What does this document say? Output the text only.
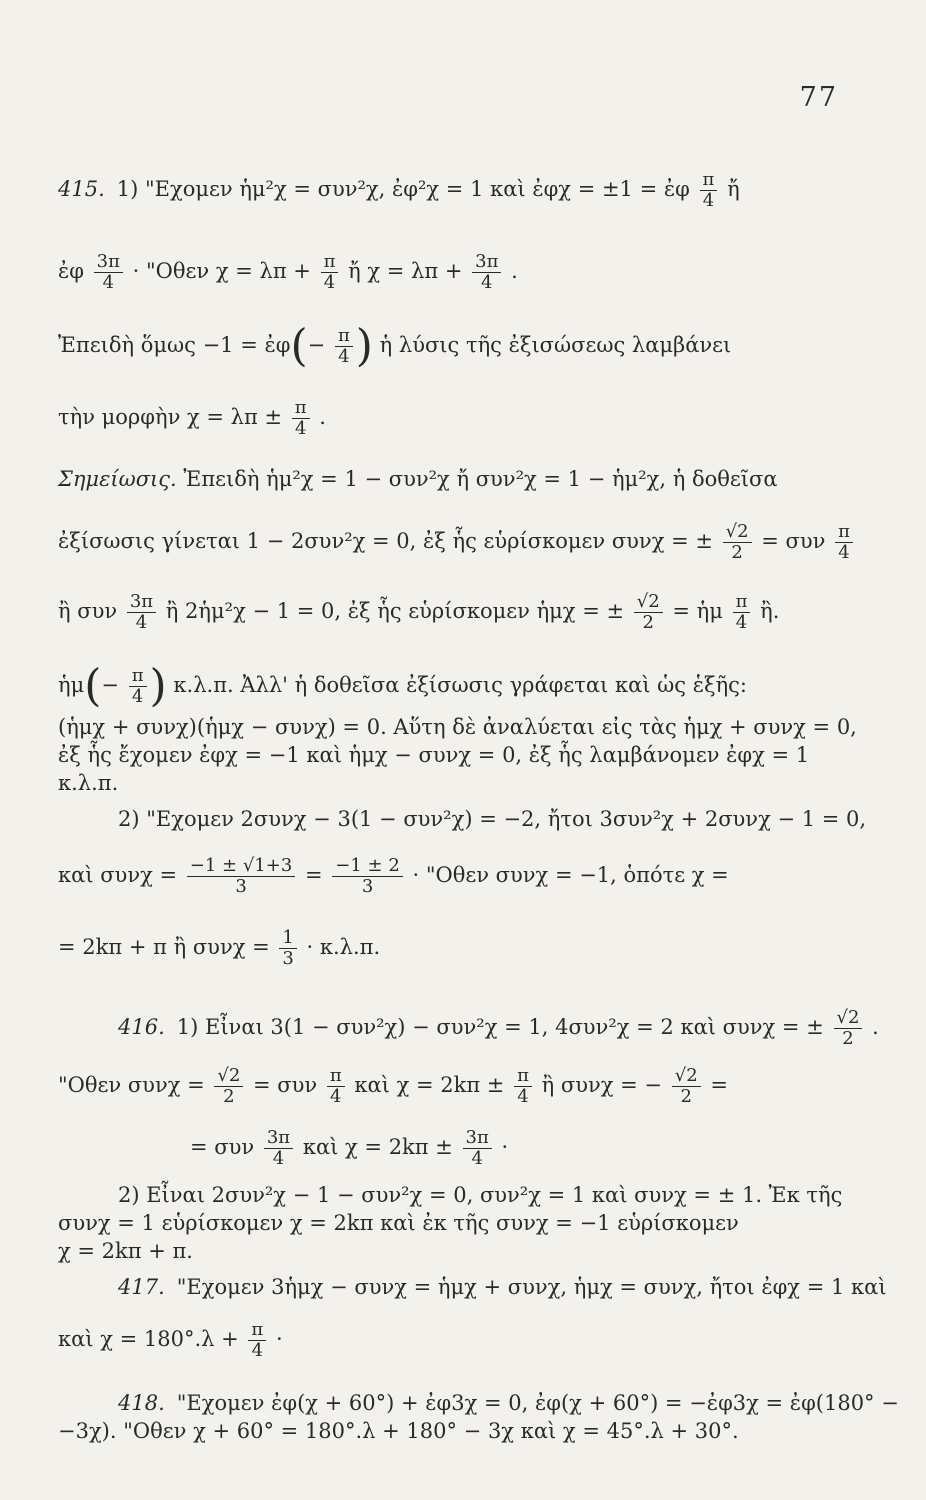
77
415. 1) "Εχομεν ἡμ²χ = συν²χ, ἐφ²χ = 1 καὶ ἐφχ = ±1 = ἐφ $\frac{\pi}{4}$ ἤ
ἐφ $\frac{3\pi}{4}$ · "Οθεν $\chi = \lambda\pi + \frac{\pi}{4}$ ἤ $\chi = \lambda\pi + \frac{3\pi}{4}$ .
Ἐπειδὴ ὅμως −1 = ἐφ(− $\frac{\pi}{4}$ ) ἡ λύσις τῆς ἐξισώσεως λαμβάνει
τὴν μορφὴν $\chi = \lambda\pi \pm \frac{\pi}{4}$ .
Σημείωσις. Ἐπειδὴ ἡμ²χ = 1 − συν²χ ἤ συν²χ = 1 − ἡμ²χ, ἡ δοθεῖσα
ἐξίσωσις γίνεται 1 − 2συν²χ = 0, ἐξ ἧς εὑρίσκομεν συνχ = ± $\frac{√2}{2} = \sigma\upsilon\nu \frac{\pi}{4}$
ἢ συν $\frac{3\pi}{4}$ ἢ 2ἡμ²χ − 1 = 0, ἐξ ἧς εὑρίσκομεν ἡμχ = ± $\frac{√2}{2}$ = ἡμ $\frac{\pi}{4}$ ἢ.
ἡμ(− $\frac{\pi}{4}$ ) κ.λ.π. Ἀλλ' ἡ δοθεῖσα ἐξίσωσις γράφεται καὶ ὡς ἑξῆς:
(ἡμχ + συνχ)(ἡμχ − συνχ) = 0. Αὕτη δὲ ἀναλύεται εἰς τὰς ἡμχ + συνχ = 0,
ἐξ ἧς ἔχομεν ἐφχ = −1 καὶ ἡμχ − συνχ = 0, ἐξ ἧς λαμβάνομεν ἐφχ = 1
κ.λ.π.
2) "Εχομεν 2συνχ − 3(1 − συν²χ) = −2, ἤτοι 3συν²χ + 2συνχ − 1 = 0,
καὶ $\sigma\upsilon\nu\chi = \frac{-1 \pm √1+3}{3} = \frac{-1 \pm 2}{3}$ · "Οθεν συνχ = −1, ὁπότε χ =
= 2kπ + π ἢ $\sigma\upsilon\nu\chi = \frac{1}{3} \cdot \kappa.\lambda.\pi$.
416. 1) Εἶναι 3(1 − συν²χ) − συν²χ = 1, 4συν²χ = 2 καὶ συνχ = ± $\frac{√2}{2}$ .
"Οθεν $\sigma\upsilon\nu\chi = \frac{√2}{2} = \sigma\upsilon\nu \frac{\pi}{4}$ καὶ $\chi = 2k\pi \pm \frac{\pi}{4}$ ἢ συνχ = − $\frac{√2}{2}$ =
= συν $\frac{3\pi}{4}$ καὶ $\chi = 2k\pi \pm \frac{3\pi}{4}$ ·
2) Εἶναι 2συν²χ − 1 − συν²χ = 0, συν²χ = 1 καὶ συνχ = ± 1. Ἐκ τῆς
συνχ = 1 εὑρίσκομεν χ = 2kπ καὶ ἐκ τῆς συνχ = −1 εὑρίσκομεν
χ = 2kπ + π.
417. "Εχομεν 3ἡμχ − συνχ = ἡμχ + συνχ, ἡμχ = συνχ, ἤτοι ἐφχ = 1 καὶ
καὶ $\chi = 180^\circ.\lambda + \frac{\pi}{4}$ ·
418. "Εχομεν ἐφ(χ + 60°) + ἐφ3χ = 0, ἐφ(χ + 60°) = −ἐφ3χ = ἐφ(180° −
−3χ). "Οθεν χ + 60° = 180°.λ + 180° − 3χ καὶ χ = 45°.λ + 30°.
